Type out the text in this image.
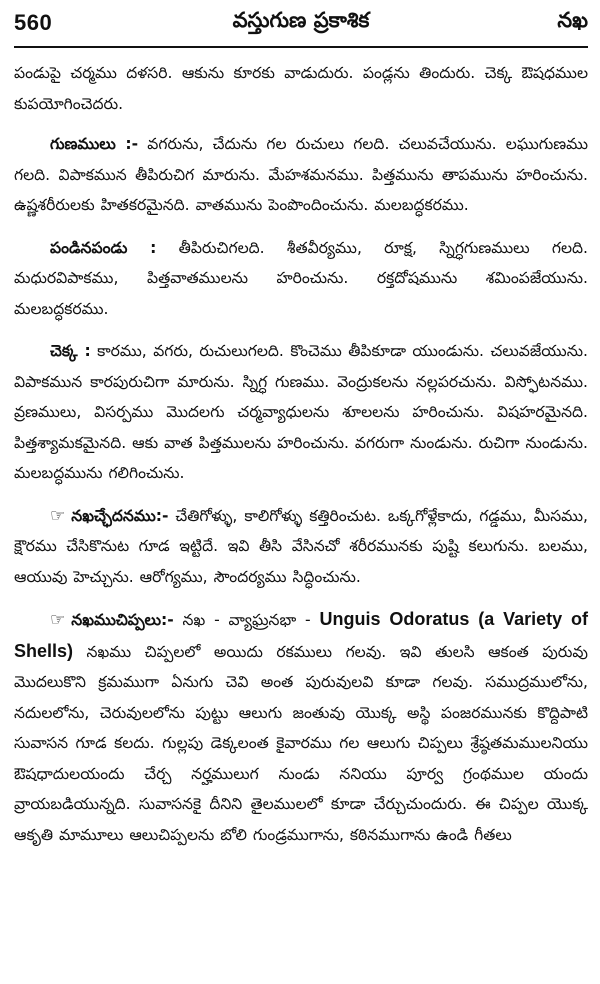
560	వస్తుగుణ ప్రకాశిక	నఖ

పండుపై చర్మము దళసరి. ఆకును కూరకు వాడుదురు. పండ్లను తిందురు. చెక్క ఔషధముల కుపయోగించెదరు.

గుణములు :- వగరును, చేదును గల రుచులు గలది. చలువచేయును. లఘుగుణము గలది. విపాకమున తీపిరుచిగ మారును. మేహశమనము. పిత్తమును తాపమును హరించును. ఉష్ణశరీరులకు హితకరమైనది. వాతమును పెంపొందించును. మలబద్ధకరము.

పండినపండు : తీపిరుచిగలది. శీతవీర్యము, రూక్ష, స్నిగ్ధగుణములు గలది. మధురవిపాకము, పిత్తవాతములను హరించును. రక్తదోషమును శమింపజేయును. మలబద్ధకరము.

చెక్క : కారము, వగరు, రుచులుగలది. కొంచెము తీపికూడా యుండును. చలువజేయును. విపాకమున కారపురుచిగా మారును. స్నిగ్ధ గుణము. వెంద్రుకలను నల్లపరచును. విస్ఫోటనము. వ్రణములు, విసర్పము మొదలగు చర్మవ్యాధులను శూలలను హరించును. విషహరమైనది. పిత్తశ్యామకమైనది. ఆకు వాత పిత్తములను హరించును. వగరుగా నుండును. రుచిగా నుండును. మలబద్ధమును గలిగించును.

☞ నఖచ్ఛేదనము:- చేతిగోళ్ళు, కాలిగోళ్ళు కత్తిరించుట. ఒక్కగోళ్లేకాదు, గడ్డము, మీసము, క్షౌరము చేసికొనుట గూడ ఇట్టిదే. ఇవి తీసి వేసినచో శరీరమునకు పుష్టి కలుగును. బలము, ఆయువు హెచ్చును. ఆరోగ్యము, సౌందర్యము సిద్ధించును.

☞ నఖముచిప్పలు:- నఖ - వ్యాఘ్రనభా - Unguis Odoratus (a Variety of Shells) నఖము చిప్పలలో అయిదు రకములు గలవు. ఇవి తులసి ఆకంత పురువు మొదలుకొని క్రమముగా ఏనుగు చెవి అంత పురువులవి కూడా గలవు. సముద్రములోను, నదులలోను, చెరువులలోను పుట్టు ఆలుగు జంతువు యొక్క అస్థి పంజరమునకు కొద్దిపాటి సువాసన గూడ కలదు. గుల్లపు డెక్కలంత కైవారము గల ఆలుగు చిప్పలు శ్రేష్ఠతమములనియు ఔషధాదులయందు చేర్చ నర్హములుగ నుండు ననియు పూర్వ గ్రంథముల యందు వ్రాయబడియున్నది. సువాసనకై దీనిని తైలములలో కూడా చేర్చుచుందురు. ఈ చిప్పల యొక్క ఆకృతి మామూలు ఆలుచిప్పలను బోలి గుండ్రముగాను, కఠినముగాను ఉండి గీతలు
